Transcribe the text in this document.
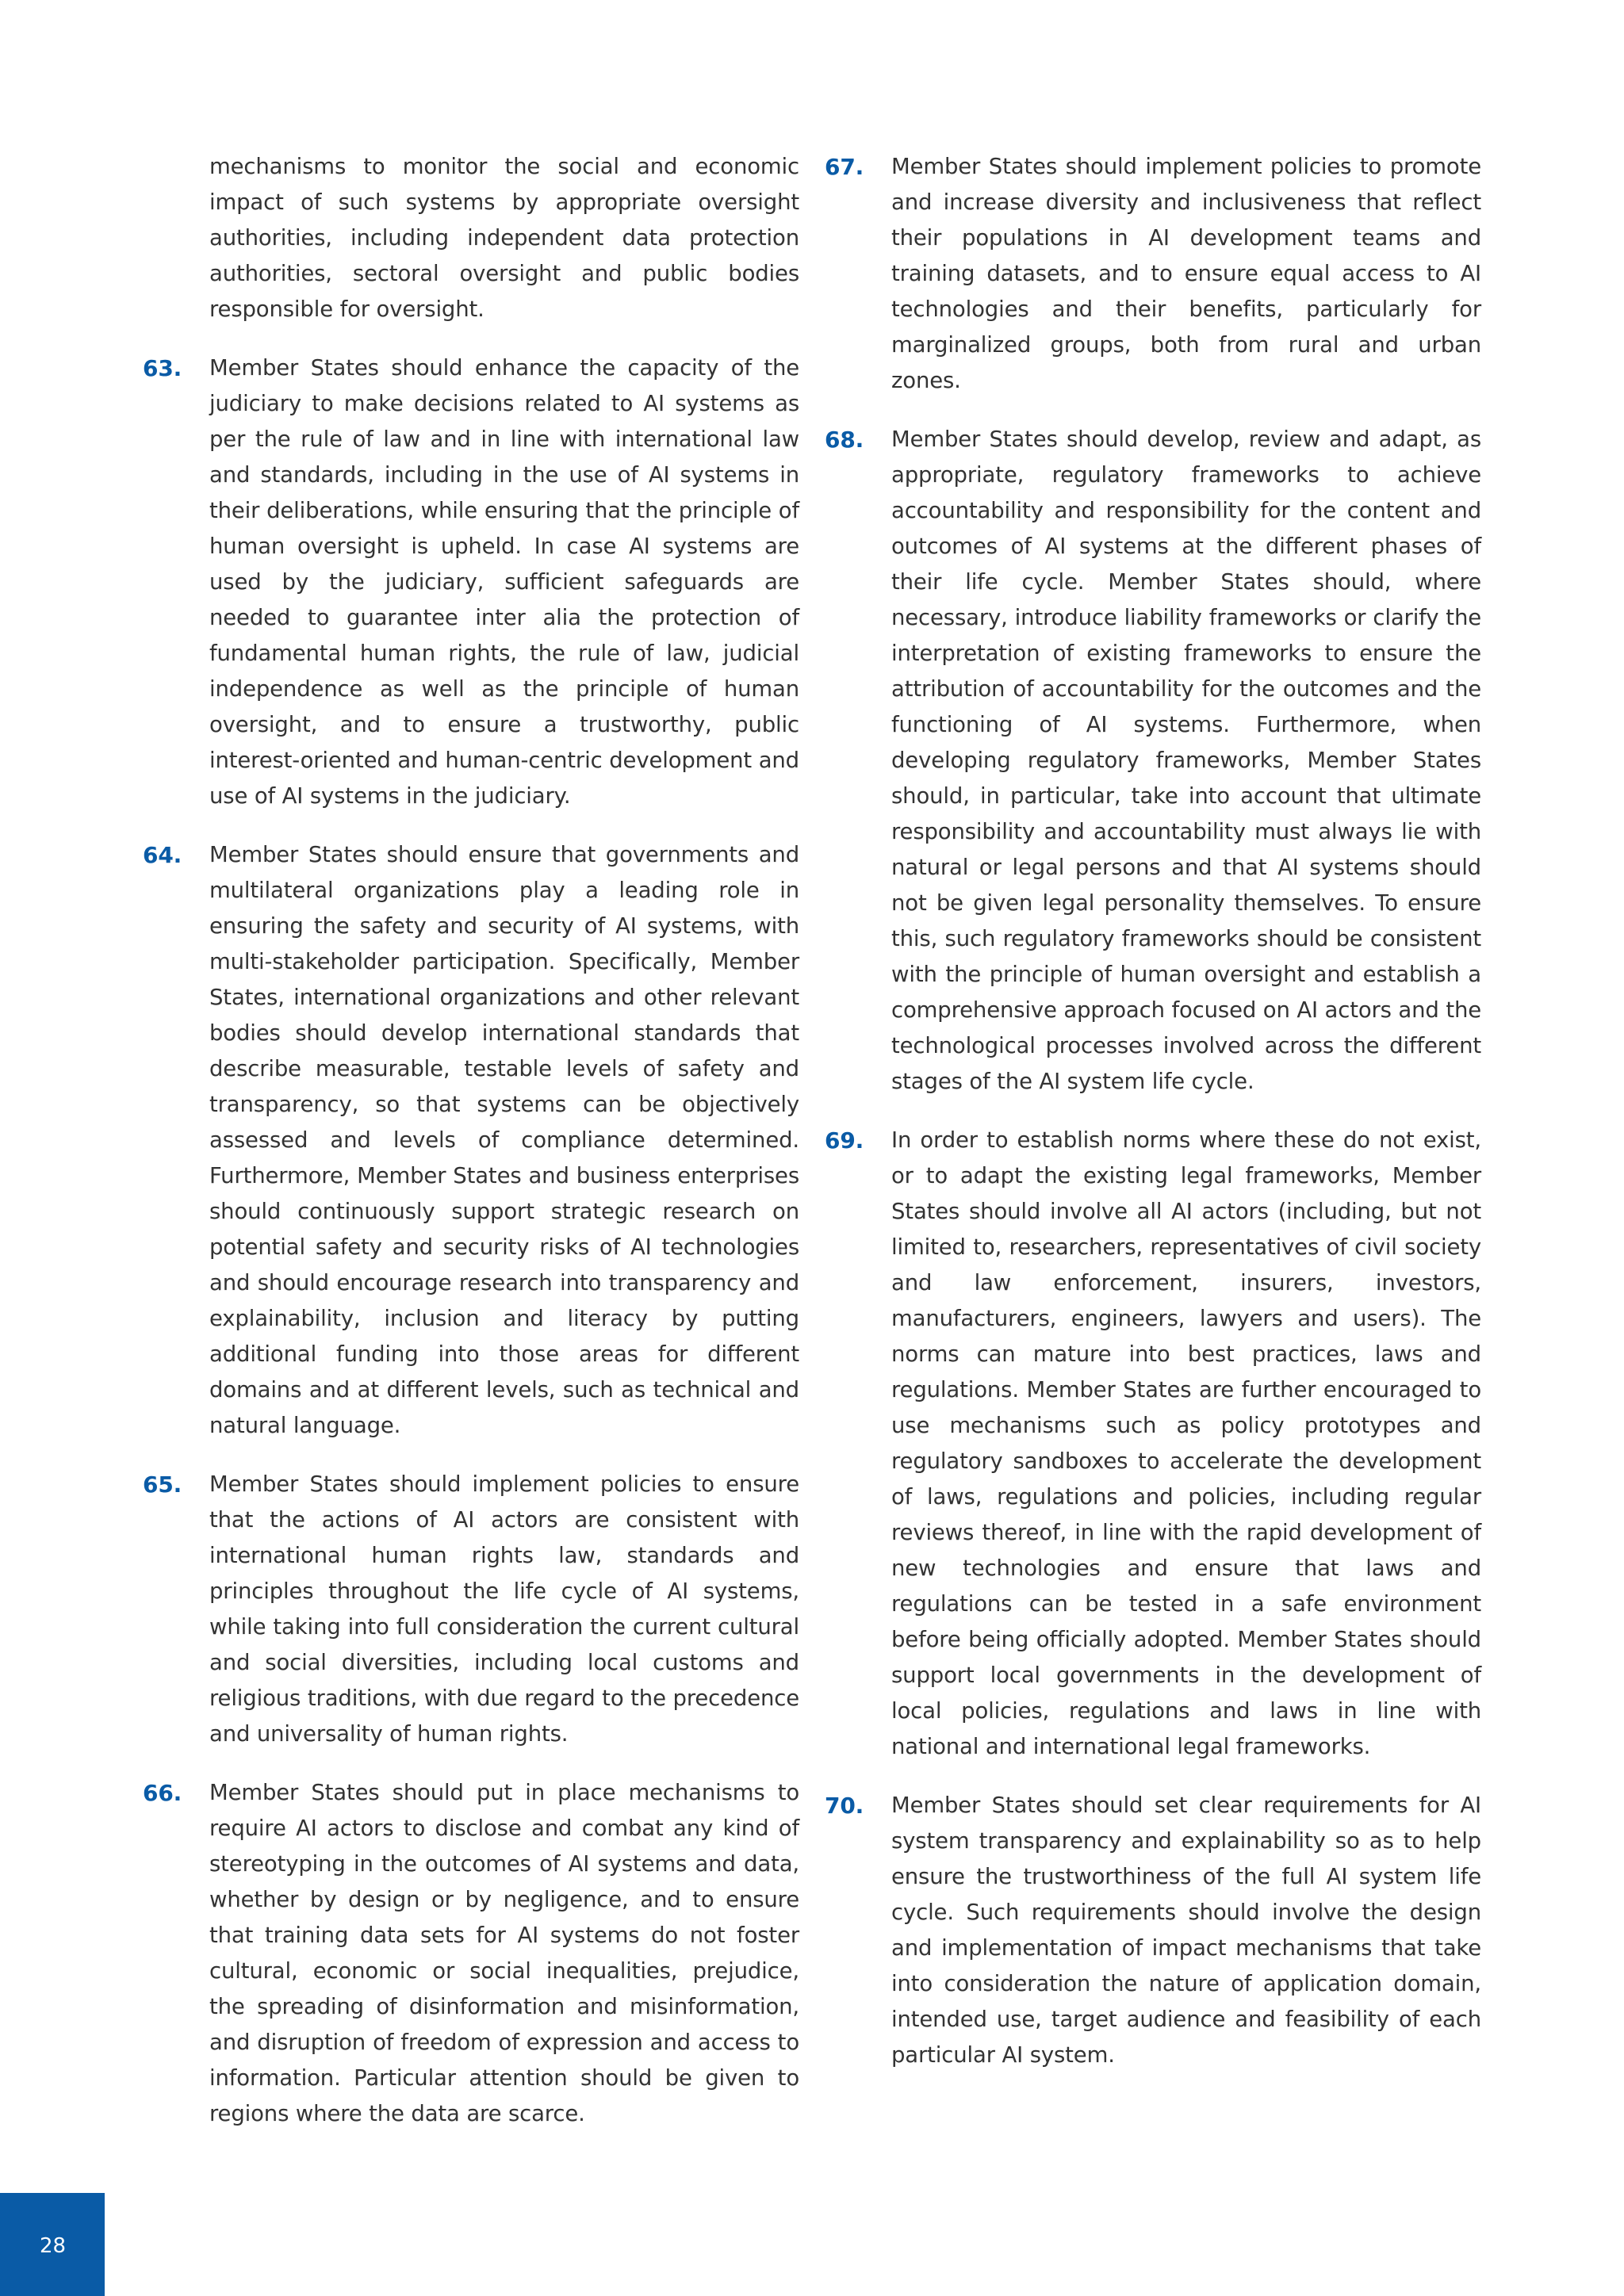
mechanisms to monitor the social and economic impact of such systems by appropriate oversight authorities, including independent data protection authorities, sectoral oversight and public bodies responsible for oversight.
63.	Member States should enhance the capacity of the judiciary to make decisions related to AI systems as per the rule of law and in line with international law and standards, including in the use of AI systems in their deliberations, while ensuring that the principle of human oversight is upheld. In case AI systems are used by the judiciary, sufficient safeguards are needed to guarantee inter alia the protection of fundamental human rights, the rule of law, judicial independence as well as the principle of human oversight, and to ensure a trustworthy, public interest-oriented and human-centric development and use of AI systems in the judiciary.
64.	Member States should ensure that governments and multilateral organizations play a leading role in ensuring the safety and security of AI systems, with multi-stakeholder participation. Specifically, Member States, international organizations and other relevant bodies should develop international standards that describe measurable, testable levels of safety and transparency, so that systems can be objectively assessed and levels of compliance determined. Furthermore, Member States and business enterprises should continuously support strategic research on potential safety and security risks of AI technologies and should encourage research into transparency and explainability, inclusion and literacy by putting additional funding into those areas for different domains and at different levels, such as technical and natural language.
65.	Member States should implement policies to ensure that the actions of AI actors are consistent with international human rights law, standards and principles throughout the life cycle of AI systems, while taking into full consideration the current cultural and social diversities, including local customs and religious traditions, with due regard to the precedence and universality of human rights.
66.	Member States should put in place mechanisms to require AI actors to disclose and combat any kind of stereotyping in the outcomes of AI systems and data, whether by design or by negligence, and to ensure that training data sets for AI systems do not foster cultural, economic or social inequalities, prejudice, the spreading of disinformation and misinformation, and disruption of freedom of expression and access to information. Particular attention should be given to regions where the data are scarce.
67.	Member States should implement policies to promote and increase diversity and inclusiveness that reflect their populations in AI development teams and training datasets, and to ensure equal access to AI technologies and their benefits, particularly for marginalized groups, both from rural and urban zones.
68.	Member States should develop, review and adapt, as appropriate, regulatory frameworks to achieve accountability and responsibility for the content and outcomes of AI systems at the different phases of their life cycle. Member States should, where necessary, introduce liability frameworks or clarify the interpretation of existing frameworks to ensure the attribution of accountability for the outcomes and the functioning of AI systems. Furthermore, when developing regulatory frameworks, Member States should, in particular, take into account that ultimate responsibility and accountability must always lie with natural or legal persons and that AI systems should not be given legal personality themselves. To ensure this, such regulatory frameworks should be consistent with the principle of human oversight and establish a comprehensive approach focused on AI actors and the technological processes involved across the different stages of the AI system life cycle.
69.	In order to establish norms where these do not exist, or to adapt the existing legal frameworks, Member States should involve all AI actors (including, but not limited to, researchers, representatives of civil society and law enforcement, insurers, investors, manufacturers, engineers, lawyers and users). The norms can mature into best practices, laws and regulations. Member States are further encouraged to use mechanisms such as policy prototypes and regulatory sandboxes to accelerate the development of laws, regulations and policies, including regular reviews thereof, in line with the rapid development of new technologies and ensure that laws and regulations can be tested in a safe environment before being officially adopted. Member States should support local governments in the development of local policies, regulations and laws in line with national and international legal frameworks.
70.	Member States should set clear requirements for AI system transparency and explainability so as to help ensure the trustworthiness of the full AI system life cycle. Such requirements should involve the design and implementation of impact mechanisms that take into consideration the nature of application domain, intended use, target audience and feasibility of each particular AI system.
28
